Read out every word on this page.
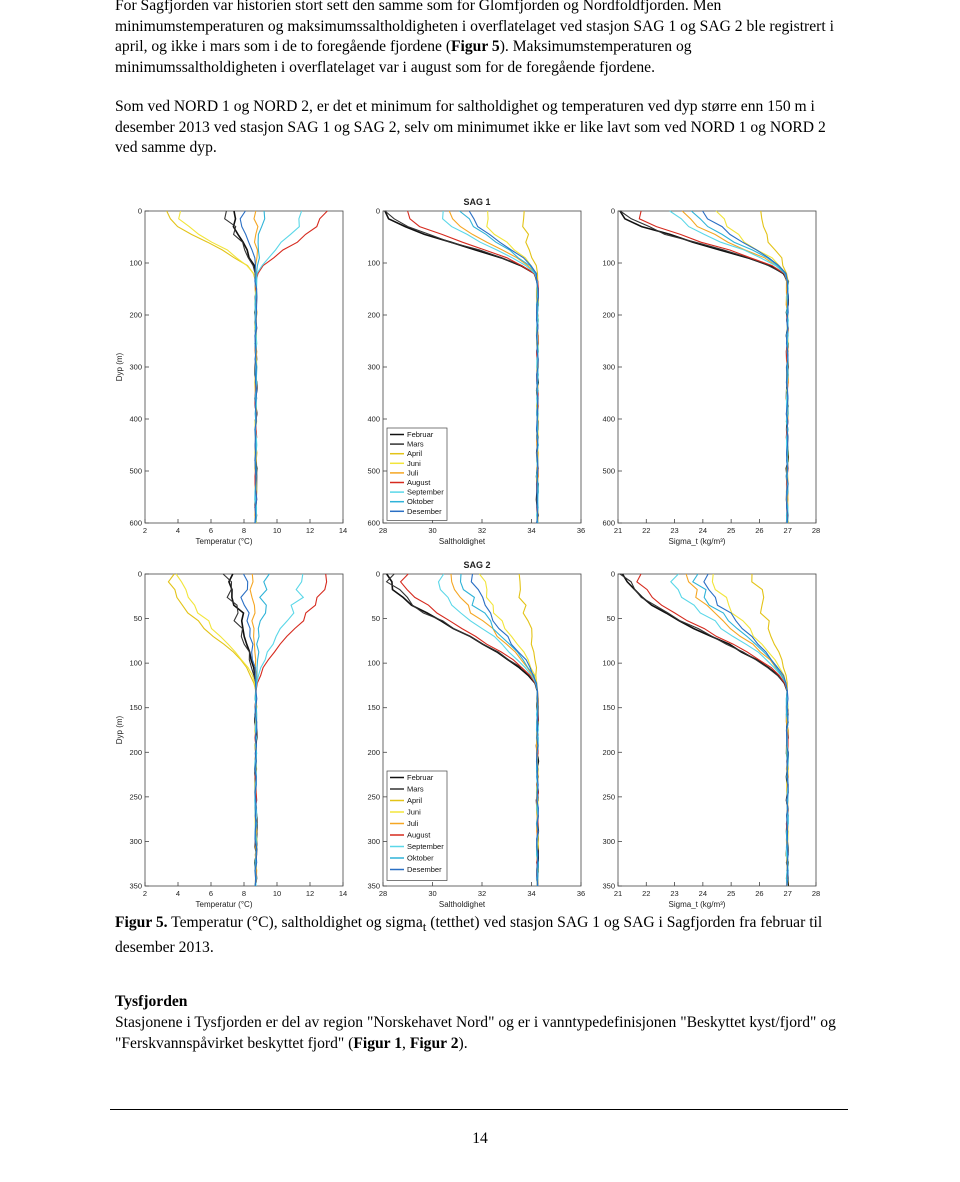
For Sagfjorden var historien stort sett den samme som for Glomfjorden og Nordfoldfjorden. Men minimumstemperaturen og maksimumssaltholdigheten i overflatelaget ved stasjon SAG 1 og SAG 2 ble registrert i april, og ikke i mars som i de to foregående fjordene (Figur 5). Maksimumstemperaturen og minimumssaltholdigheten i overflatelaget var i august som for de foregående fjordene.

Som ved NORD 1 og NORD 2, er det et minimum for saltholdighet og temperaturen ved dyp større enn 150 m i desember 2013 ved stasjon SAG 1 og SAG 2, selv om minimumet ikke er like lavt som ved NORD 1 og NORD 2 ved samme dyp.

SAG 1
Dyp (m)
0
100
200
300
400
500
600
2	4	6	8	10	12	14
Temperatur (°C)
0
100
200
300
400
500
600
28	30	32	34	36
Saltholdighet
0
100
200
300
400
500
600
21	22	23	24	25	26	27	28
Sigma_t (kg/m³)
Februar
Mars
April
Juni
Juli
August
September
Oktober
Desember
SAG 2
Dyp (m)
0
50
100
150
200
250
300
350
2	4	6	8	10	12	14
Temperatur (°C)
0
50
100
150
200
250
300
350
28	30	32	34	36
Saltholdighet
0
50
100
150
200
250
300
350
21	22	23	24	25	26	27	28
Sigma_t (kg/m³)
Februar
Mars
April
Juni
Juli
August
September
Oktober
Desember

Figur 5. Temperatur (°C), saltholdighet og sigma$_t$ (tetthet) ved stasjon SAG 1 og SAG i Sagfjorden fra februar til desember 2013.

Tysfjorden

Stasjonene i Tysfjorden er del av region "Norskehavet Nord" og er i vanntypedefinisjonen "Beskyttet kyst/fjord" og "Ferskvannspåvirket beskyttet fjord" (Figur 1, Figur 2).

14
